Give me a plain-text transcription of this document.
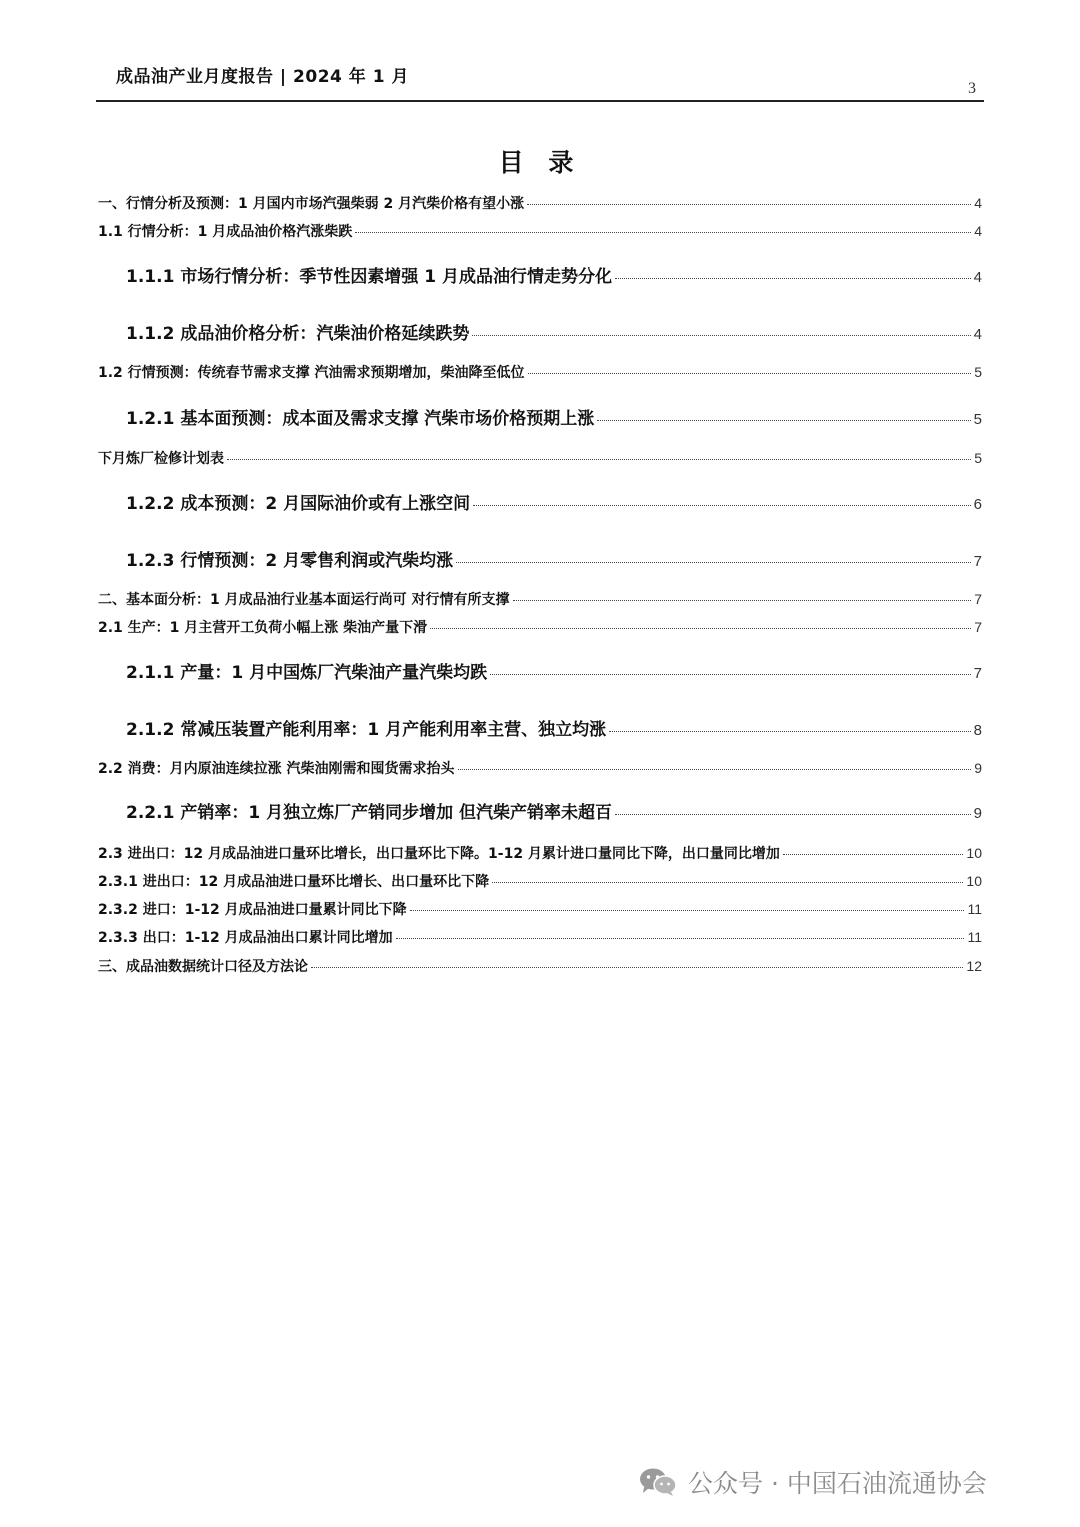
成品油产业月度报告 | 2024 年 1 月
3
目 录
一、行情分析及预测：1 月国内市场汽强柴弱 2 月汽柴价格有望小涨	4
1.1 行情分析：1 月成品油价格汽涨柴跌	4
1.1.1 市场行情分析：季节性因素增强 1 月成品油行情走势分化	4
1.1.2 成品油价格分析：汽柴油价格延续跌势	4
1.2 行情预测：传统春节需求支撑 汽油需求预期增加，柴油降至低位	5
1.2.1 基本面预测：成本面及需求支撑 汽柴市场价格预期上涨	5
下月炼厂检修计划表	5
1.2.2 成本预测：2 月国际油价或有上涨空间	6
1.2.3 行情预测：2 月零售利润或汽柴均涨	7
二、基本面分析：1 月成品油行业基本面运行尚可 对行情有所支撑	7
2.1 生产：1 月主营开工负荷小幅上涨 柴油产量下滑	7
2.1.1 产量：1 月中国炼厂汽柴油产量汽柴均跌	7
2.1.2 常减压装置产能利用率：1 月产能利用率主营、独立均涨	8
2.2 消费：月内原油连续拉涨 汽柴油刚需和囤货需求抬头	9
2.2.1 产销率：1 月独立炼厂产销同步增加 但汽柴产销率未超百	9
2.3 进出口：12 月成品油进口量环比增长，出口量环比下降。1-12 月累计进口量同比下降，出口量同比增加	10
2.3.1 进出口：12 月成品油进口量环比增长、出口量环比下降	10
2.3.2 进口：1-12 月成品油进口量累计同比下降	11
2.3.3 出口：1-12 月成品油出口累计同比增加	11
三、成品油数据统计口径及方法论	12
公众号 · 中国石油流通协会
